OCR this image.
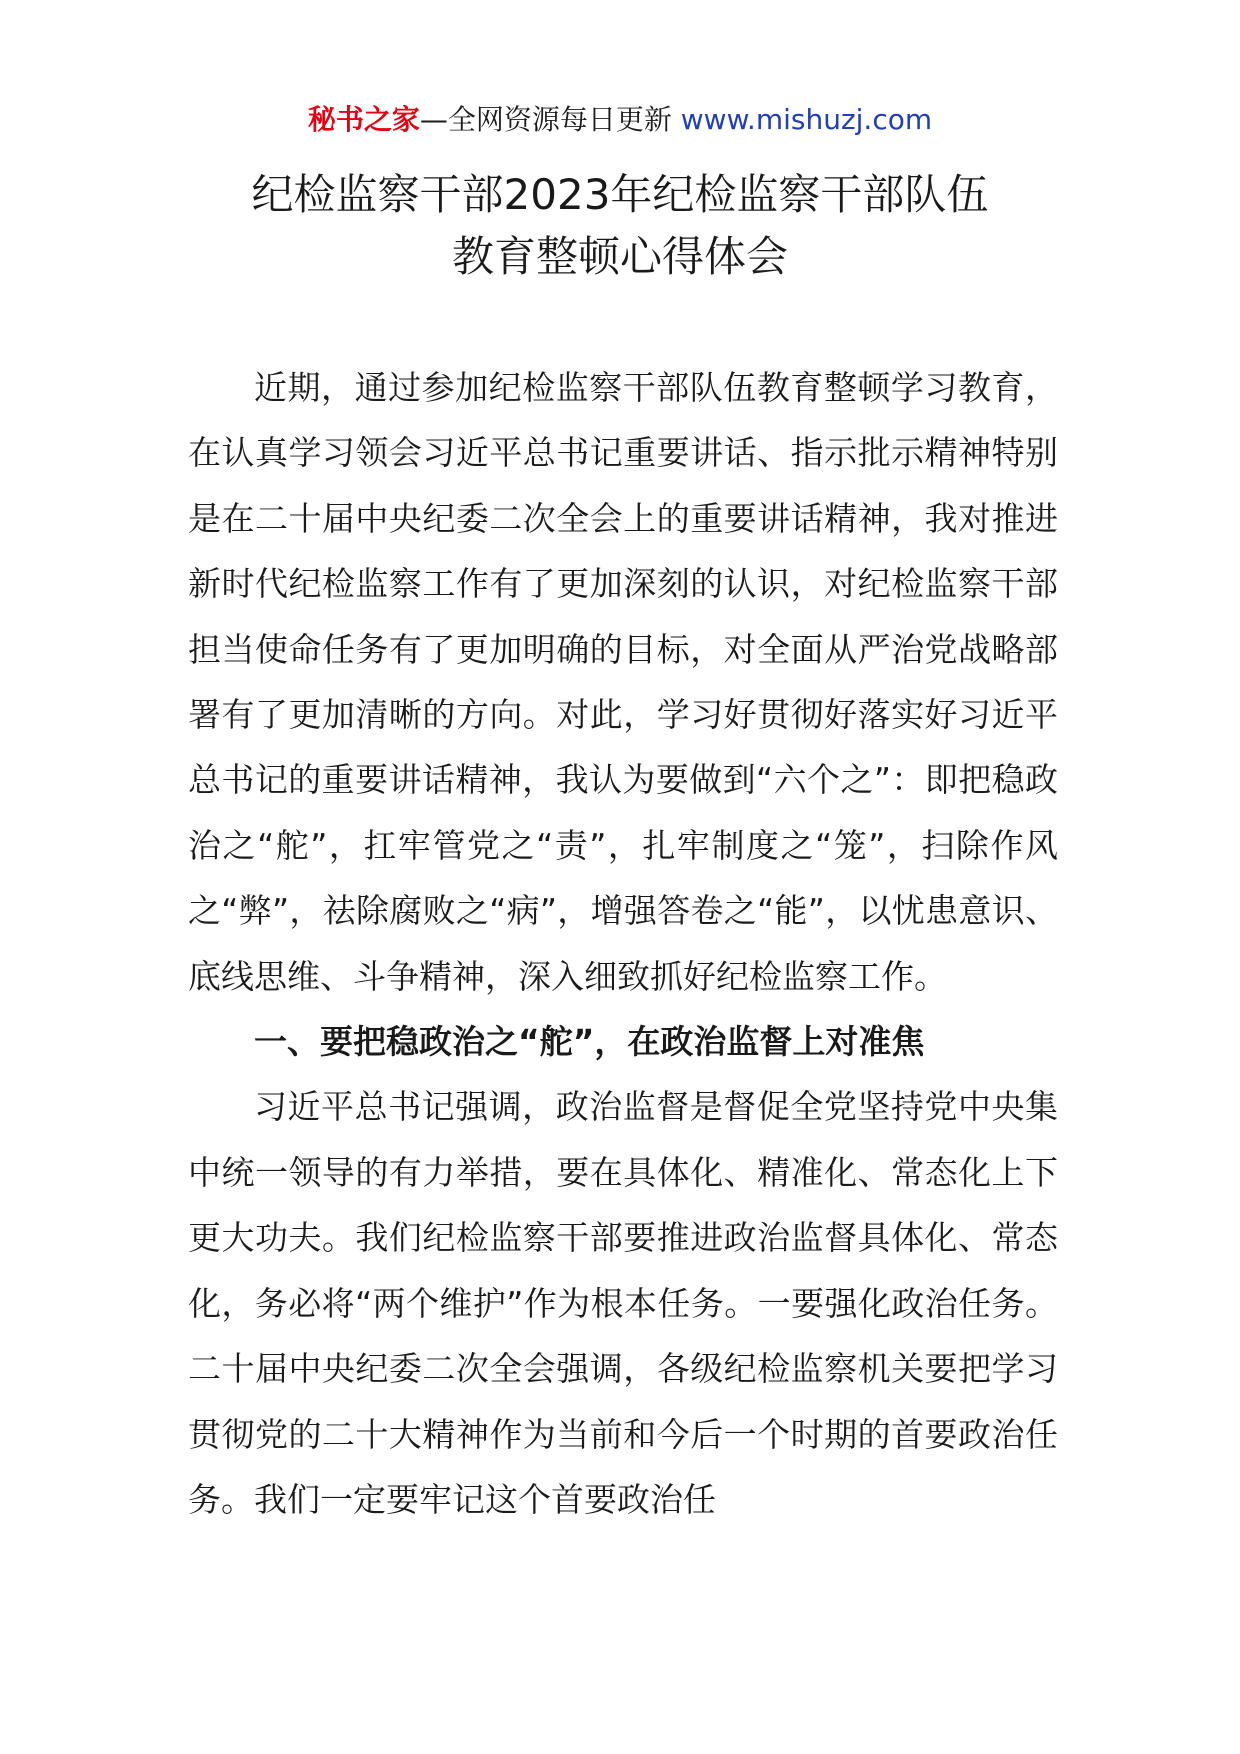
秘书之家—全网资源每日更新 www.mishuzj.com
纪检监察干部2023年纪检监察干部队伍
教育整顿心得体会

近期，通过参加纪检监察干部队伍教育整顿学习教育，在认真学习领会习近平总书记重要讲话、指示批示精神特别是在二十届中央纪委二次全会上的重要讲话精神，我对推进新时代纪检监察工作有了更加深刻的认识，对纪检监察干部担当使命任务有了更加明确的目标，对全面从严治党战略部署有了更加清晰的方向。对此，学习好贯彻好落实好习近平总书记的重要讲话精神，我认为要做到“六个之”：即把稳政治之“舵”，扛牢管党之“责”，扎牢制度之“笼”，扫除作风之“弊”，祛除腐败之“病”，增强答卷之“能”，以忧患意识、底线思维、斗争精神，深入细致抓好纪检监察工作。

一、要把稳政治之“舵”，在政治监督上对准焦

习近平总书记强调，政治监督是督促全党坚持党中央集中统一领导的有力举措，要在具体化、精准化、常态化上下更大功夫。我们纪检监察干部要推进政治监督具体化、常态化，务必将“两个维护”作为根本任务。一要强化政治任务。二十届中央纪委二次全会强调，各级纪检监察机关要把学习贯彻党的二十大精神作为当前和今后一个时期的首要政治任务。我们一定要牢记这个首要政治任
